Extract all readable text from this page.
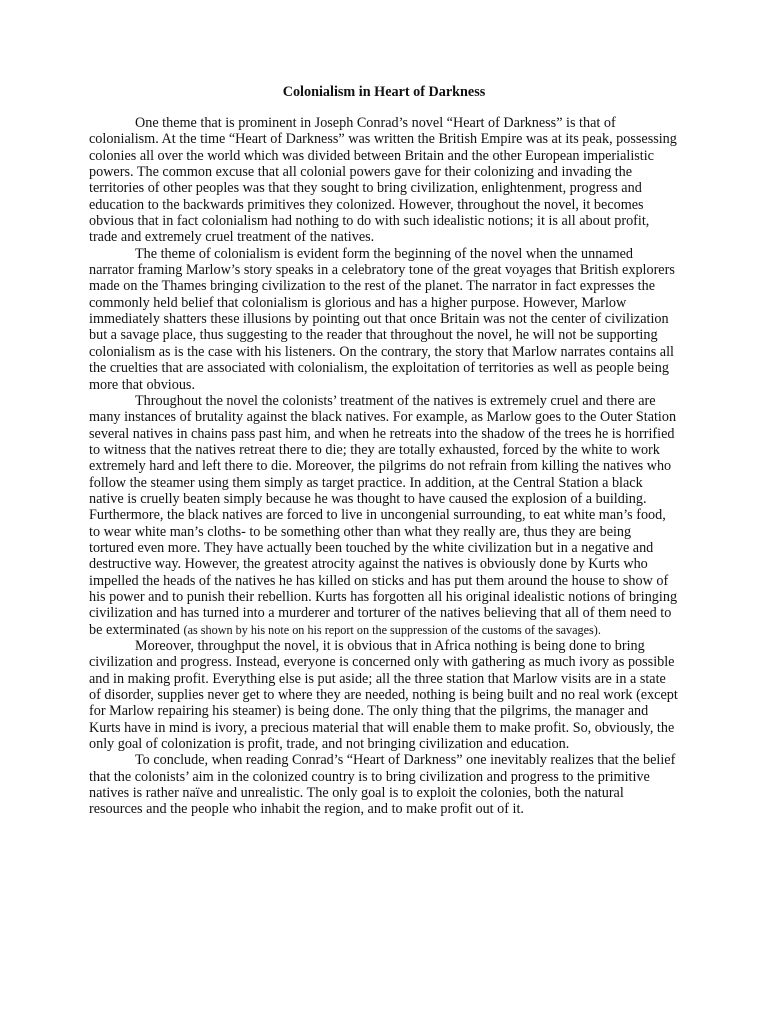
Colonialism in Heart of Darkness

One theme that is prominent in Joseph Conrad’s novel “Heart of Darkness” is that of colonialism. At the time “Heart of Darkness” was written the British Empire was at its peak, possessing colonies all over the world which was divided between Britain and the other European imperialistic powers. The common excuse that all colonial powers gave for their colonizing and invading the territories of other peoples was that they sought to bring civilization, enlightenment, progress and education to the backwards primitives they colonized. However, throughout the novel, it becomes obvious that in fact colonialism had nothing to do with such idealistic notions; it is all about profit, trade and extremely cruel treatment of the natives.

The theme of colonialism is evident form the beginning of the novel when the unnamed narrator framing Marlow’s story speaks in a celebratory tone of the great voyages that British explorers made on the Thames bringing civilization to the rest of the planet. The narrator in fact expresses the commonly held belief that colonialism is glorious and has a higher purpose. However, Marlow immediately shatters these illusions by pointing out that once Britain was not the center of civilization but a savage place, thus suggesting to the reader that throughout the novel, he will not be supporting colonialism as is the case with his listeners. On the contrary, the story that Marlow narrates contains all the cruelties that are associated with colonialism, the exploitation of territories as well as people being more that obvious.

Throughout the novel the colonists’ treatment of the natives is extremely cruel and there are many instances of brutality against the black natives. For example, as Marlow goes to the Outer Station several natives in chains pass past him, and when he retreats into the shadow of the trees he is horrified to witness that the natives retreat there to die; they are totally exhausted, forced by the white to work extremely hard and left there to die. Moreover, the pilgrims do not refrain from killing the natives who follow the steamer using them simply as target practice. In addition, at the Central Station a black native is cruelly beaten simply because he was thought to have caused the explosion of a building. Furthermore, the black natives are forced to live in uncongenial surrounding, to eat white man’s food, to wear white man’s cloths- to be something other than what they really are, thus they are being tortured even more. They have actually been touched by the white civilization but in a negative and destructive way. However, the greatest atrocity against the natives is obviously done by Kurts who impelled the heads of the natives he has killed on sticks and has put them around the house to show of his power and to punish their rebellion. Kurts has forgotten all his original idealistic notions of bringing civilization and has turned into a murderer and torturer of the natives believing that all of them need to be exterminated (as shown by his note on his report on the suppression of the customs of the savages).

Moreover, throughput the novel, it is obvious that in Africa nothing is being done to bring civilization and progress. Instead, everyone is concerned only with gathering as much ivory as possible and in making profit. Everything else is put aside; all the three station that Marlow visits are in a state of disorder, supplies never get to where they are needed, nothing is being built and no real work (except for Marlow repairing his steamer) is being done. The only thing that the pilgrims, the manager and Kurts have in mind is ivory, a precious material that will enable them to make profit. So, obviously, the only goal of colonization is profit, trade, and not bringing civilization and education.

To conclude, when reading Conrad’s “Heart of Darkness” one inevitably realizes that the belief that the colonists’ aim in the colonized country is to bring civilization and progress to the primitive natives is rather naïve and unrealistic. The only goal is to exploit the colonies, both the natural resources and the people who inhabit the region, and to make profit out of it.
